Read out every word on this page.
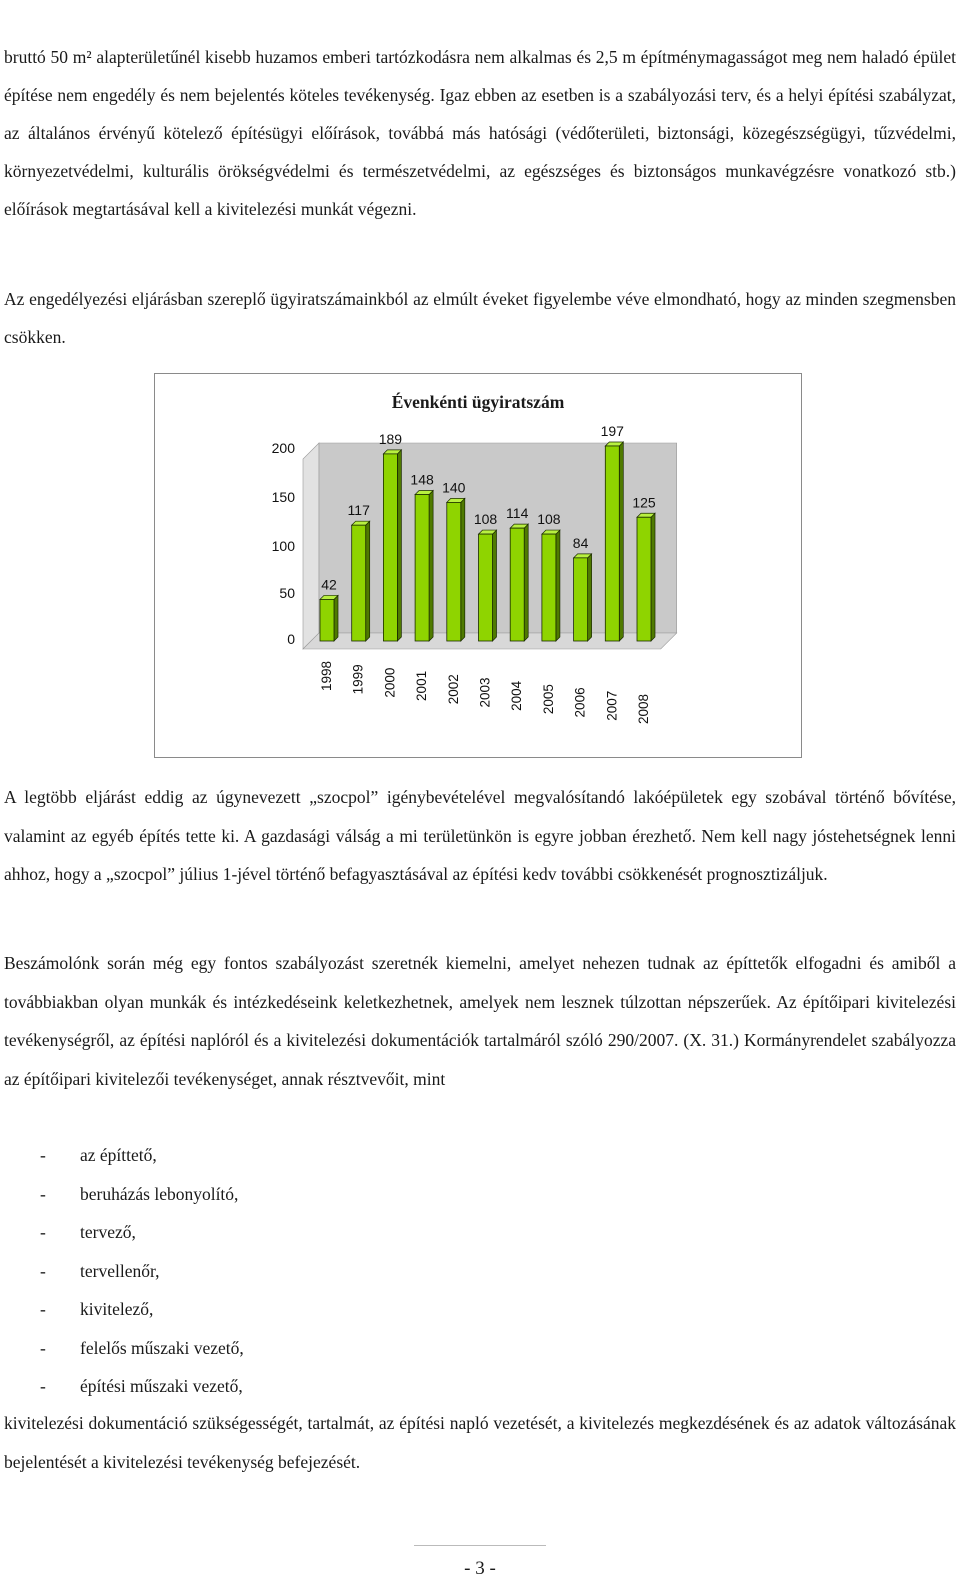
bruttó 50 m² alapterületűnél kisebb huzamos emberi tartózkodásra nem alkalmas és 2,5 m építménymagasságot meg nem haladó épület építése nem engedély és nem bejelentés köteles tevékenység. Igaz ebben az esetben is a szabályozási terv, és a helyi építési szabályzat, az általános érvényű kötelező építésügyi előírások, továbbá más hatósági (védőterületi, biztonsági, közegészségügyi, tűzvédelmi, környezetvédelmi, kulturális örökségvédelmi és természetvédelmi, az egészséges és biztonságos munkavégzésre vonatkozó stb.) előírások megtartásával kell a kivitelezési munkát végezni.
Az engedélyezési eljárásban szereplő ügyiratszámainkból az elmúlt éveket figyelembe véve elmondható, hogy az minden szegmensben csökken.
Évenkénti ügyiratszám
0
50
100
150
200
42
1998
117
1999
189
2000
148
2001
140
2002
108
2003
114
2004
108
2005
84
2006
197
2007
125
2008
A legtöbb eljárást eddig az úgynevezett „szocpol” igénybevételével megvalósítandó lakóépületek egy szobával történő bővítése, valamint az egyéb építés tette ki. A gazdasági válság a mi területünkön is egyre jobban érezhető. Nem kell nagy jóstehetségnek lenni ahhoz, hogy a „szocpol” július 1-jével történő befagyasztásával az építési kedv további csökkenését prognosztizáljuk.
Beszámolónk során még egy fontos szabályozást szeretnék kiemelni, amelyet nehezen tudnak az építtetők elfogadni és amiből a továbbiakban olyan munkák és intézkedéseink keletkezhetnek, amelyek nem lesznek túlzottan népszerűek. Az építőipari kivitelezési tevékenységről, az építési naplóról és a kivitelezési dokumentációk tartalmáról szóló 290/2007. (X. 31.) Kormányrendelet szabályozza az építőipari kivitelezői tevékenységet, annak résztvevőit, mint
-	az építtető,
-	beruházás lebonyolító,
-	tervező,
-	tervellenőr,
-	kivitelező,
-	felelős műszaki vezető,
-	építési műszaki vezető,
kivitelezési dokumentáció szükségességét, tartalmát, az építési napló vezetését, a kivitelezés megkezdésének és az adatok változásának bejelentését a kivitelezési tevékenység befejezését.
- 3 -
